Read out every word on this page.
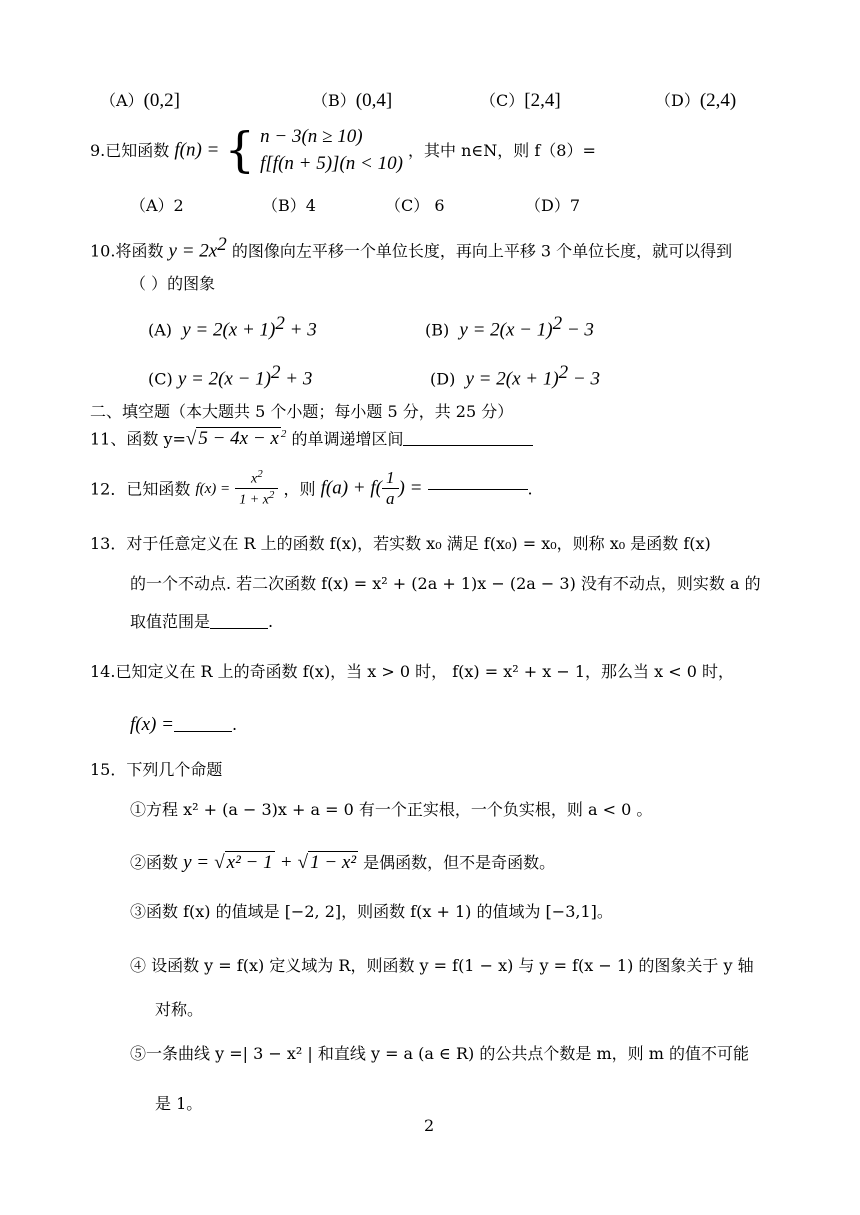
（A）(0,2]	（B）(0,4]	（C）[2,4]	（D）(2,4)
9.已知函数 f(n) = { n − 3(n ≥ 10)
f[f(n + 5)](n < 10)
，其中 n∈N，则 f（8）=
（A）2	（B）4	（C） 6	（D）7
10.将函数 $y = 2x^2$ 的图像向左平移一个单位长度，再向上平移 3 个单位长度，就可以得到
（ ）的图象
(A) $y = 2(x + 1)^2 + 3$	(B) $y = 2(x - 1)^2 - 3$
(C) $y = 2(x - 1)^2 + 3$	(D) $y = 2(x + 1)^2 - 3$
二、填空题（本大题共 5 个小题；每小题 5 分，共 25 分）
11、函数 y=√ 5 − 4x − x $^2$ 的单调递增区间
12．已知函数 $f(x) = \frac{x^2}{1 + x^2}$ ，则 $f(a) + f( \frac{1}{a}$ ) =	.
13．对于任意定义在 R 上的函数 f(x)，若实数 x₀ 满足 f(x₀) = x₀，则称 x₀ 是函数 f(x)
的一个不动点. 若二次函数 f(x) = x² + (2a + 1)x − (2a − 3) 没有不动点，则实数 a 的
取值范围是	.
14.已知定义在 R 上的奇函数 f(x)，当 x > 0 时， f(x) = x² + x − 1，那么当 x < 0 时，
f(x) =	.
15．下列几个命题
①方程 x² + (a − 3)x + a = 0 有一个正实根，一个负实根，则 a < 0 。
②函数 y = √ x² − 1 + √ 1 − x² 是偶函数，但不是奇函数。
③函数 f(x) 的值域是 [−2, 2]，则函数 f(x + 1) 的值域为 [−3,1]。
④ 设函数 y = f(x) 定义域为 R，则函数 y = f(1 − x) 与 y = f(x − 1) 的图象关于 y 轴
对称。
⑤一条曲线 y =| 3 − x² | 和直线 y = a (a ∈ R) 的公共点个数是 m，则 m 的值不可能
是 1。
2
